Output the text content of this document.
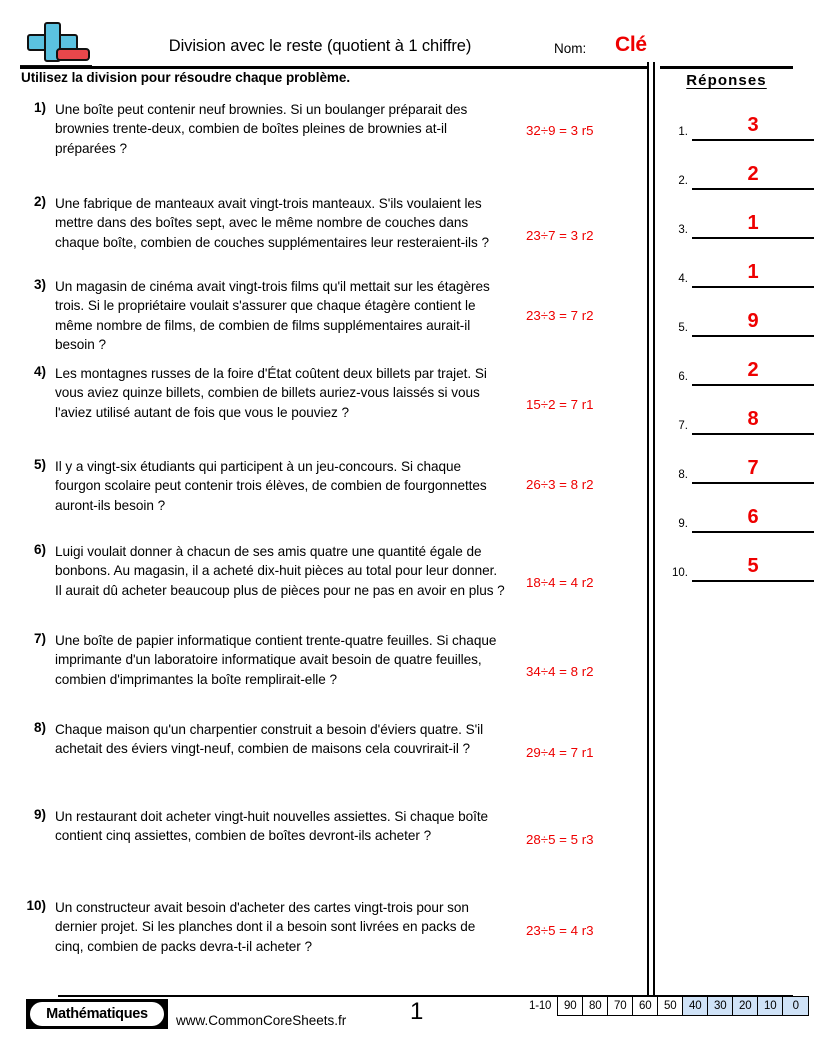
Division avec le reste (quotient à 1 chiffre)	Nom: Clé
Utilisez la division pour résoudre chaque problème.
1) Une boîte peut contenir neuf brownies. Si un boulanger préparait des brownies trente-deux, combien de boîtes pleines de brownies at-il préparées ?
32÷9 = 3 r5
2) Une fabrique de manteaux avait vingt-trois manteaux. S'ils voulaient les mettre dans des boîtes sept, avec le même nombre de couches dans chaque boîte, combien de couches supplémentaires leur resteraient-ils ?	23÷7 = 3 r2
3) Un magasin de cinéma avait vingt-trois films qu'il mettait sur les étagères trois. Si le propriétaire voulait s'assurer que chaque étagère contient le même nombre de films, de combien de films supplémentaires aurait-il besoin ?
23÷3 = 7 r2
4) Les montagnes russes de la foire d'État coûtent deux billets par trajet. Si vous aviez quinze billets, combien de billets auriez-vous laissés si vous l'aviez utilisé autant de fois que vous le pouviez ?
15÷2 = 7 r1
5) Il y a vingt-six étudiants qui participent à un jeu-concours. Si chaque fourgon scolaire peut contenir trois élèves, de combien de fourgonnettes auront-ils besoin ?
26÷3 = 8 r2
6) Luigi voulait donner à chacun de ses amis quatre une quantité égale de bonbons. Au magasin, il a acheté dix-huit pièces au total pour leur donner. Il aurait dû acheter beaucoup plus de pièces pour ne pas en avoir en plus ?
18÷4 = 4 r2
7) Une boîte de papier informatique contient trente-quatre feuilles. Si chaque imprimante d'un laboratoire informatique avait besoin de quatre feuilles, combien d'imprimantes la boîte remplirait-elle ?
34÷4 = 8 r2
8) Chaque maison qu'un charpentier construit a besoin d'éviers quatre. S'il achetait des éviers vingt-neuf, combien de maisons cela couvrirait-il ?	29÷4 = 7 r1
9) Un restaurant doit acheter vingt-huit nouvelles assiettes. Si chaque boîte contient cinq assiettes, combien de boîtes devront-ils acheter ?	28÷5 = 5 r3
10) Un constructeur avait besoin d'acheter des cartes vingt-trois pour son dernier projet. Si les planches dont il a besoin sont livrées en packs de cinq, combien de packs devra-t-il acheter ?
23÷5 = 4 r3
Réponses
1.	3
2.	2
3.	1
4.	1
5.	9
6.	2
7.	8
8.	7
9.	6
10.	5
Mathématiques	www.CommonCoreSheets.fr	1	1-10	90	80	70	60	50	40	30	20	10	0
